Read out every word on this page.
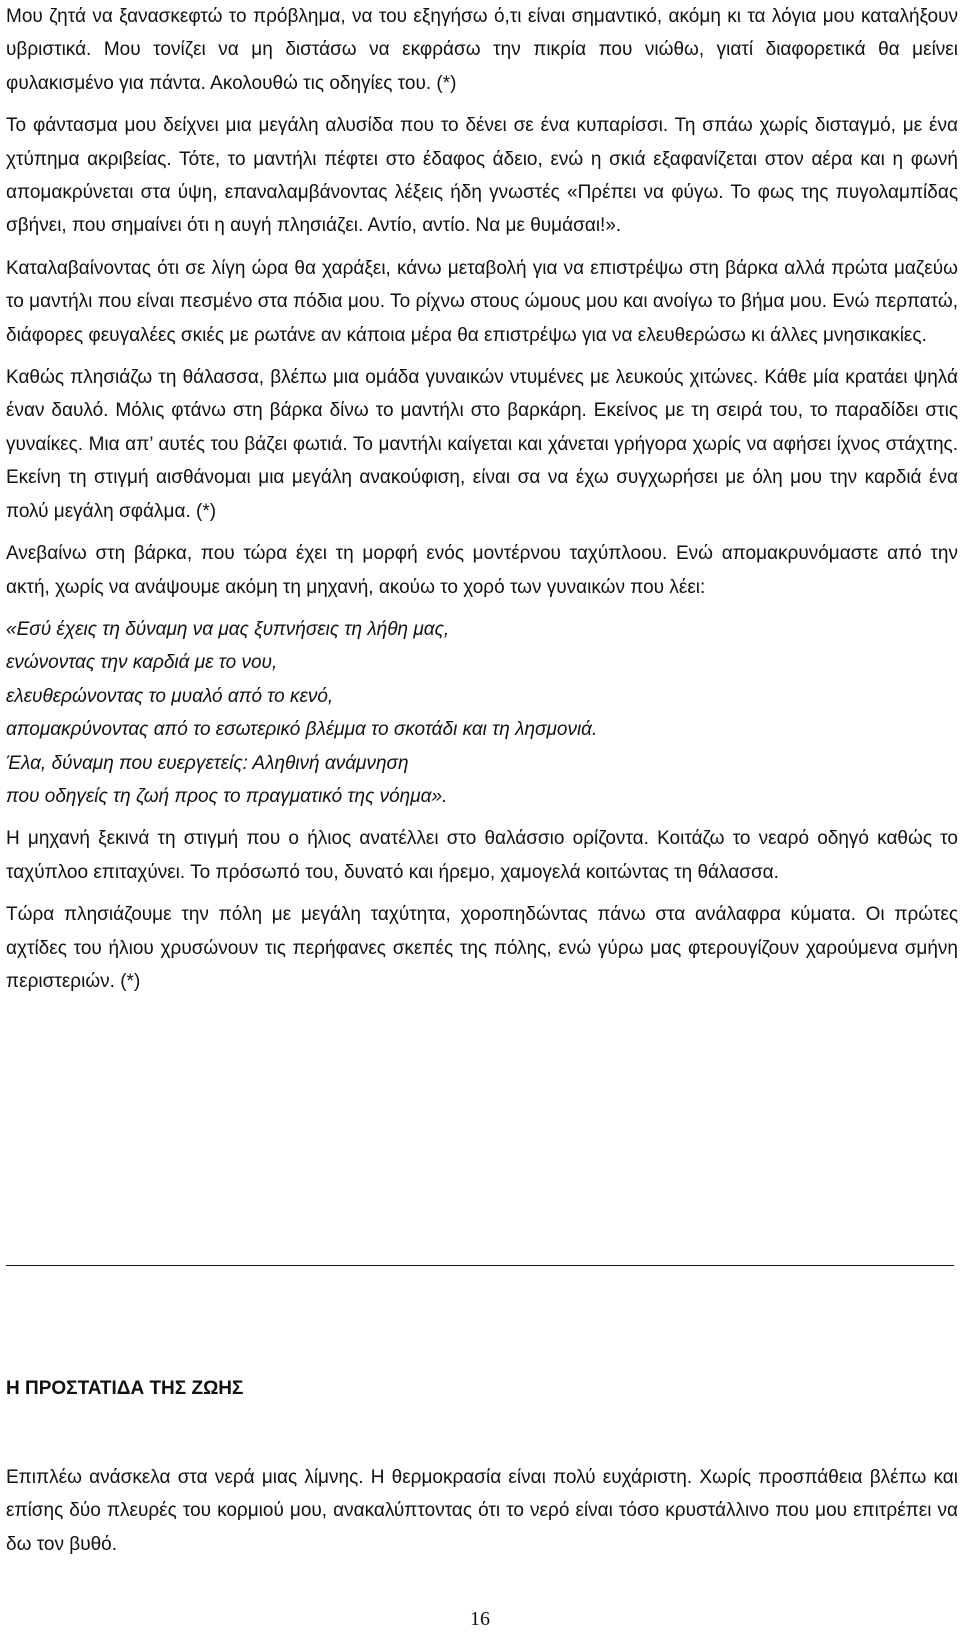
Μου ζητά να ξανασκεφτώ το πρόβλημα, να του εξηγήσω ό,τι είναι σημαντικό, ακόμη κι τα λόγια μου καταλήξουν υβριστικά. Μου τονίζει να μη διστάσω να εκφράσω την πικρία που νιώθω, γιατί διαφορετικά θα μείνει φυλακισμένο για πάντα. Ακολουθώ τις οδηγίες του. (*)

Το φάντασμα μου δείχνει μια μεγάλη αλυσίδα που το δένει σε ένα κυπαρίσσι. Τη σπάω χωρίς δισταγμό, με ένα χτύπημα ακριβείας. Τότε, το μαντήλι πέφτει στο έδαφος άδειο, ενώ η σκιά εξαφανίζεται στον αέρα και η φωνή απομακρύνεται στα ύψη, επαναλαμβάνοντας λέξεις ήδη γνωστές «Πρέπει να φύγω. Το φως της πυγολαμπίδας σβήνει, που σημαίνει ότι η αυγή πλησιάζει. Αντίο, αντίο. Να με θυμάσαι!».

Καταλαβαίνοντας ότι σε λίγη ώρα θα χαράξει, κάνω μεταβολή για να επιστρέψω στη βάρκα αλλά πρώτα μαζεύω το μαντήλι που είναι πεσμένο στα πόδια μου. Το ρίχνω στους ώμους μου και ανοίγω το βήμα μου. Ενώ περπατώ, διάφορες φευγαλέες σκιές με ρωτάνε αν κάποια μέρα θα επιστρέψω για να ελευθερώσω κι άλλες μνησικακίες.

Καθώς πλησιάζω τη θάλασσα, βλέπω μια ομάδα γυναικών ντυμένες με λευκούς χιτώνες. Κάθε μία κρατάει ψηλά έναν δαυλό. Μόλις φτάνω στη βάρκα δίνω το μαντήλι στο βαρκάρη. Εκείνος με τη σειρά του, το παραδίδει στις γυναίκες. Μια απ’ αυτές του βάζει φωτιά. Το μαντήλι καίγεται και χάνεται γρήγορα χωρίς να αφήσει ίχνος στάχτης. Εκείνη τη στιγμή αισθάνομαι μια μεγάλη ανακούφιση, είναι σα να έχω συγχωρήσει με όλη μου την καρδιά ένα πολύ μεγάλη σφάλμα. (*)

Ανεβαίνω στη βάρκα, που τώρα έχει τη μορφή ενός μοντέρνου ταχύπλοου. Ενώ απομακρυνόμαστε από την ακτή, χωρίς να ανάψουμε ακόμη τη μηχανή, ακούω το χορό των γυναικών που λέει:

«Εσύ έχεις τη δύναμη να μας ξυπνήσεις τη λήθη μας,
ενώνοντας την καρδιά με το νου,
ελευθερώνοντας το μυαλό από το κενό,
απομακρύνοντας από το εσωτερικό βλέμμα το σκοτάδι και τη λησμονιά.
Έλα, δύναμη που ευεργετείς: Αληθινή ανάμνηση
που οδηγείς τη ζωή προς το πραγματικό της νόημα».

Η μηχανή ξεκινά τη στιγμή που ο ήλιος ανατέλλει στο θαλάσσιο ορίζοντα. Κοιτάζω το νεαρό οδηγό καθώς το ταχύπλοο επιταχύνει. Το πρόσωπό του, δυνατό και ήρεμο, χαμογελά κοιτώντας τη θάλασσα.

Τώρα πλησιάζουμε την πόλη με μεγάλη ταχύτητα, χοροπηδώντας πάνω στα ανάλαφρα κύματα. Οι πρώτες αχτίδες του ήλιου χρυσώνουν τις περήφανες σκεπές της πόλης, ενώ γύρω μας φτερουγίζουν χαρούμενα σμήνη περιστεριών. (*)

Η ΠΡΟΣΤΑΤΙΔΑ ΤΗΣ ΖΩΗΣ

Επιπλέω ανάσκελα στα νερά μιας λίμνης. Η θερμοκρασία είναι πολύ ευχάριστη. Χωρίς προσπάθεια βλέπω και επίσης δύο πλευρές του κορμιού μου, ανακαλύπτοντας ότι το νερό είναι τόσο κρυστάλλινο που μου επιτρέπει να δω τον βυθό.

16
